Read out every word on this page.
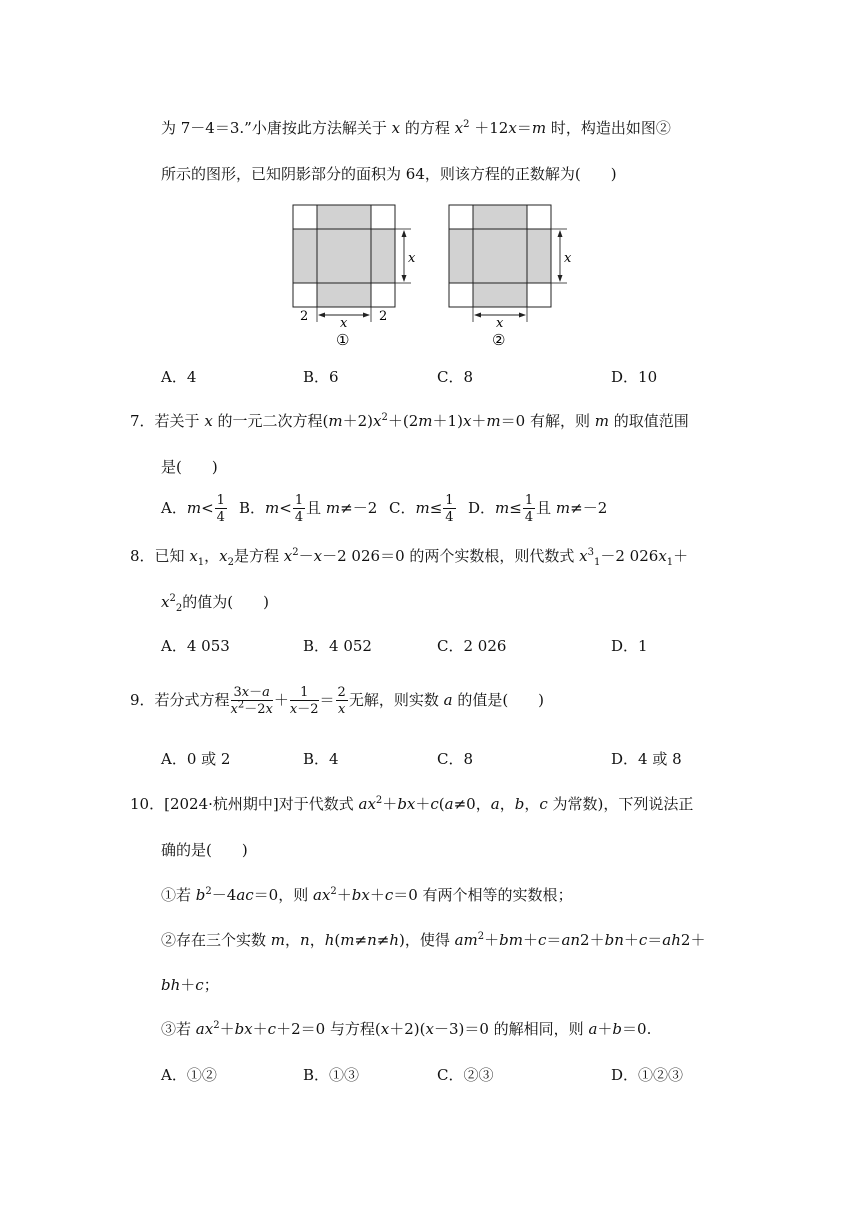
为 7－4＝3.”小唐按此方法解关于 x 的方程 $x^2 +12x=m$ 时，构造出如图②
所示的图形，已知阴影部分的面积为 64，则该方程的正数解为(　　)
x
x
2	2
①
x
x
②
A．4	B．6	C．8	D．10
7．若关于 x 的一元二次方程$(m+2)x^2+(2m+1)x+m=0$ 有解，则 m 的取值范围
是(　　)
A．$m< \frac{1}{4}$ B．$m< \frac{1}{4}$ 且 m≠－2 C．$m\le \frac{1}{4}$ D．$m\le \frac{1}{4}$ 且 m≠－2
8．已知 $x_1$，$x_2$是方程 $x^2-x-2$ 026＝0 的两个实数根，则代数式 $x^3_1-2$ $026x_1+$
$x^2_2$的值为(　　)
A．4 053	B．4 052	C．2 026	D．1
9．若分式方程 $\frac{3x-a}{x^2-2x} + \frac{1}{x-2} = \frac{2}{x}$ 无解，则实数 a 的值是(　　)
A．0 或 2	B．4	C．8	D．4 或 8
10．[2024·杭州期中]对于代数式 $ax^2+bx+c(a\ne 0$，a，b，c 为常数)，下列说法正
确的是(　　)
①若 $b^2-4ac=0$，则 $ax^2+bx+c=0$ 有两个相等的实数根；
②存在三个实数 m，n，h(m≠n≠h)，使得 $am^2+bm+c=an2+bn+c=ah2+$
bh＋c；
③若 $ax^2+bx+c+2=0$ 与方程(x＋2)(x－3)＝0 的解相同，则 a＋b＝0.
A．①②	B．①③	C．②③	D．①②③
